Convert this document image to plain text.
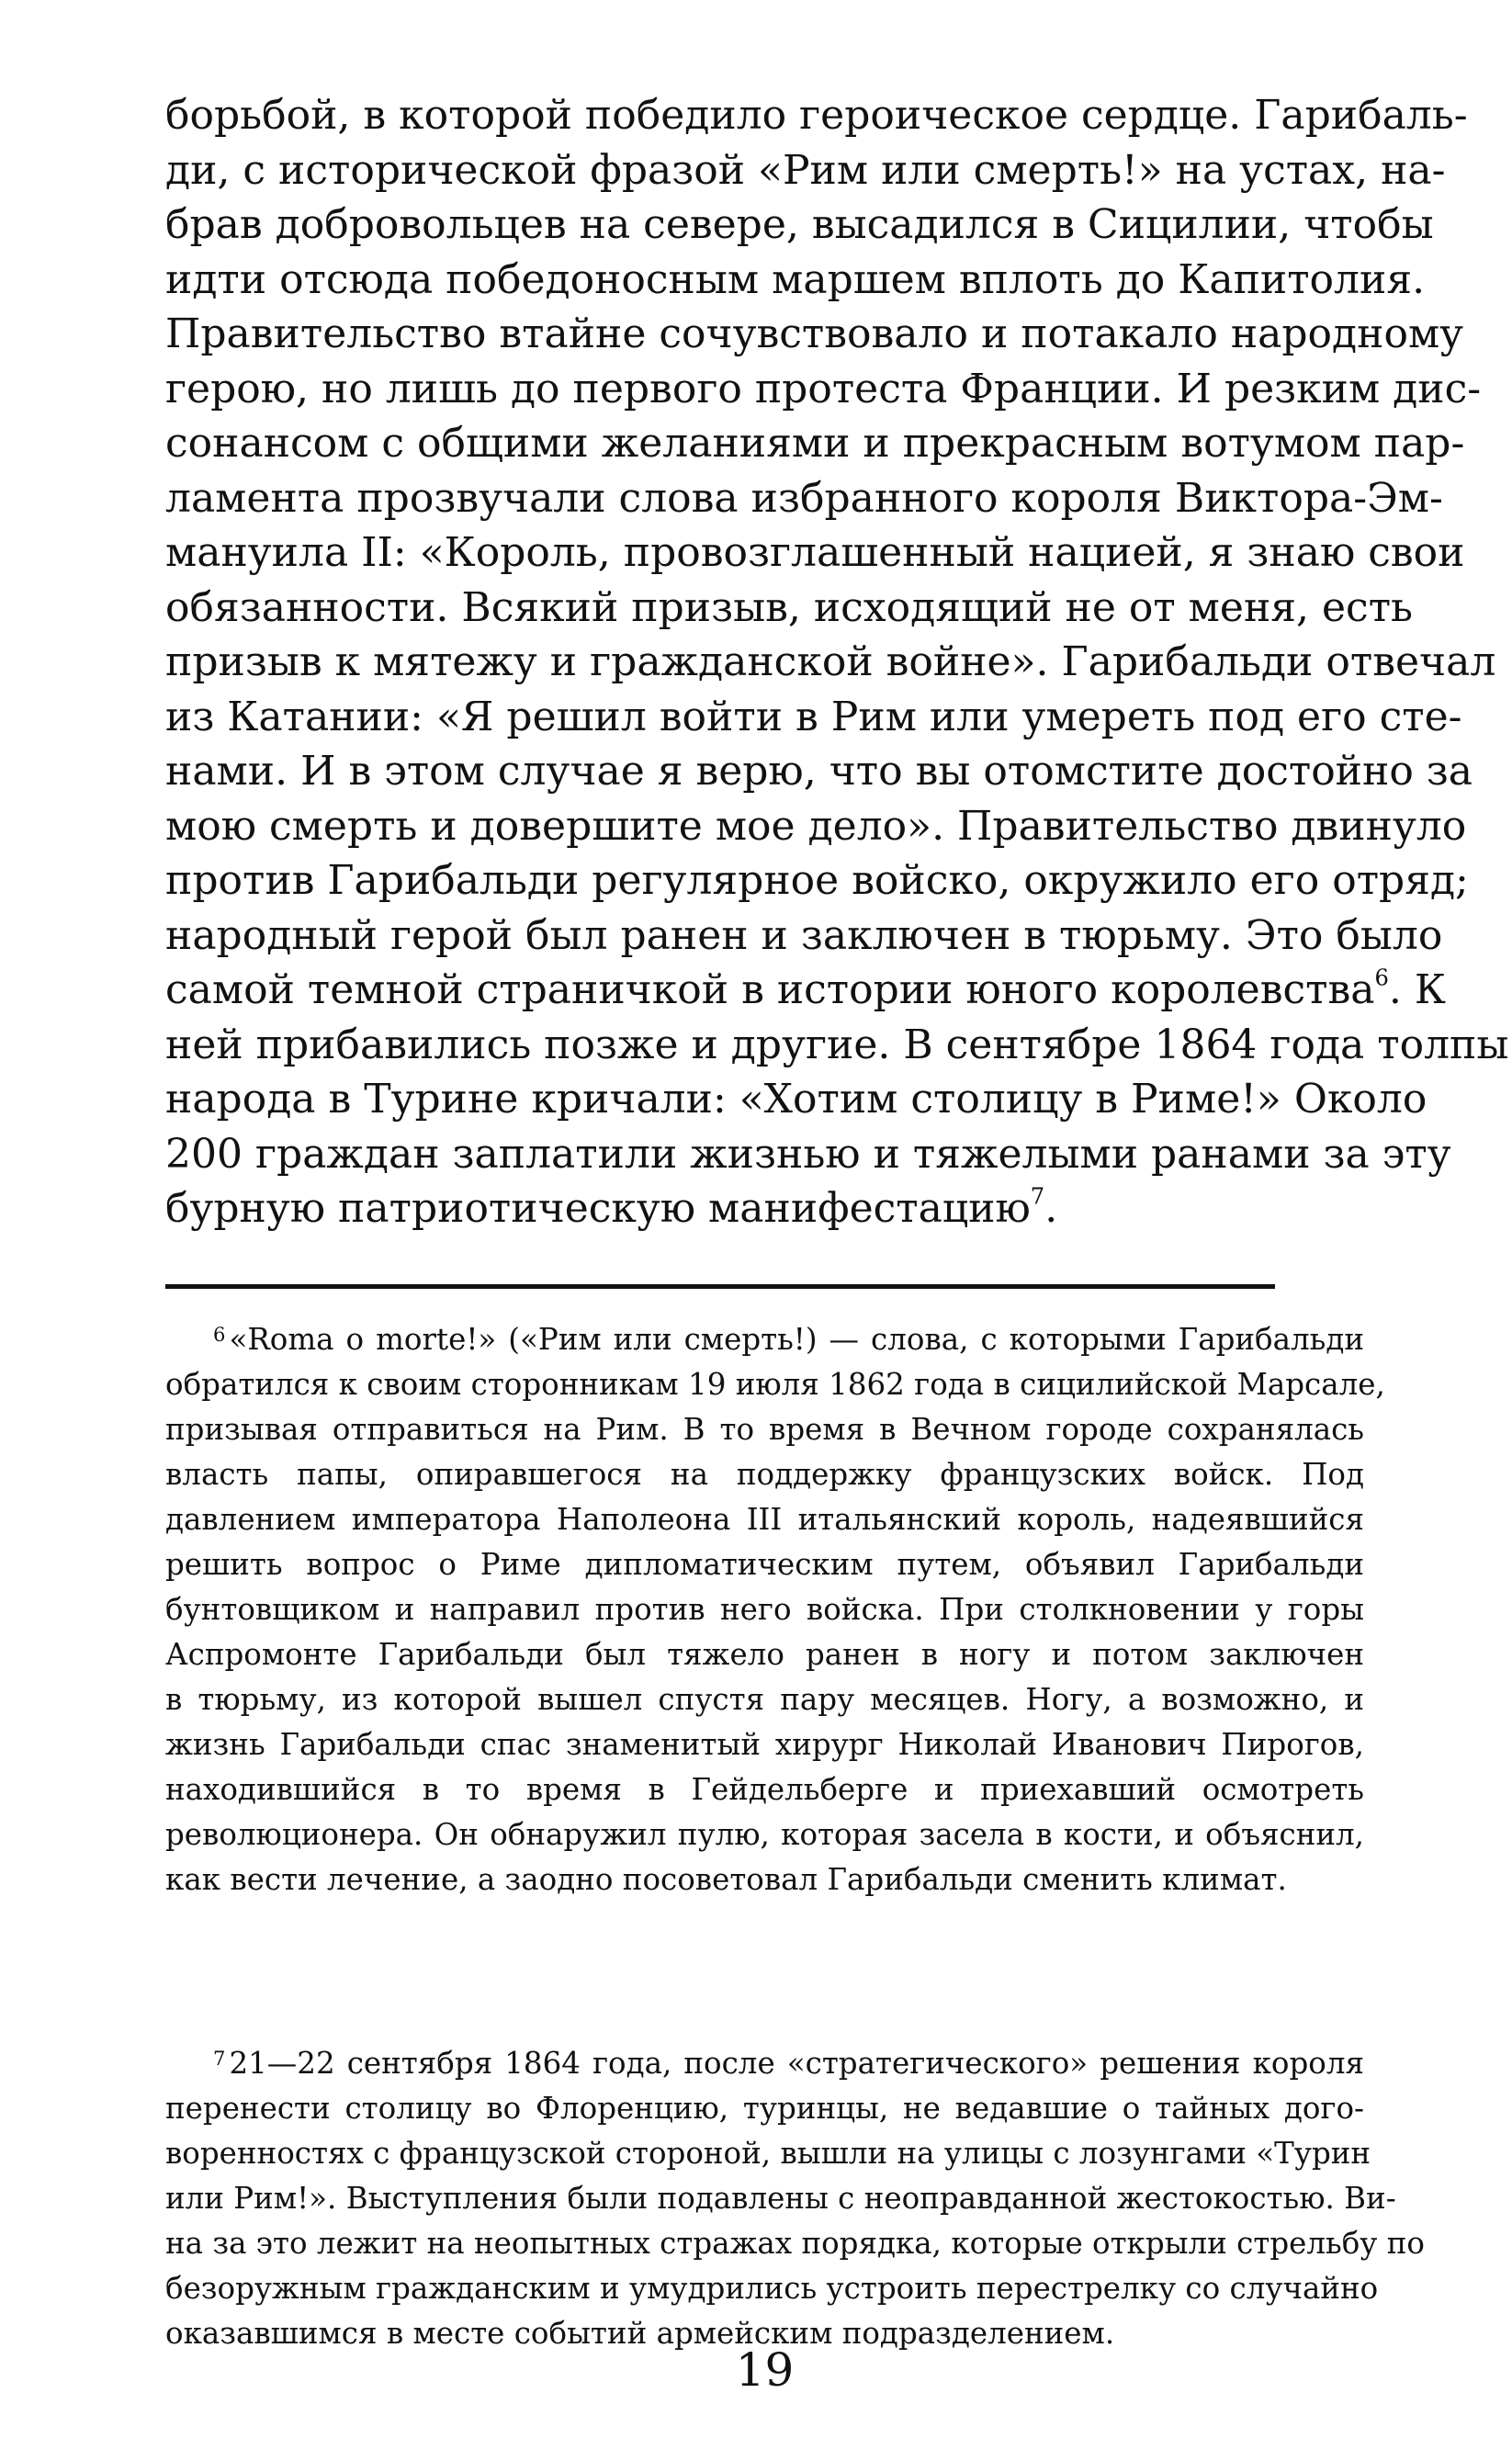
борьбой, в которой победило героическое сердце. Гарибаль-
ди, с исторической фразой «Рим или смерть!» на устах, на-
брав добровольцев на севере, высадился в Сицилии, чтобы
идти отсюда победоносным маршем вплоть до Капитолия.
Правительство втайне сочувствовало и потакало народному
герою, но лишь до первого протеста Франции. И резким дис-
сонансом с общими желаниями и прекрасным вотумом пар-
ламента прозвучали слова избранного короля Виктора-Эм-
мануила II: «Король, провозглашенный нацией, я знаю свои
обязанности. Всякий призыв, исходящий не от меня, есть
призыв к мятежу и гражданской войне». Гарибальди отвечал
из Катании: «Я решил войти в Рим или умереть под его сте-
нами. И в этом случае я верю, что вы отомстите достойно за
мою смерть и довершите мое дело». Правительство двинуло
против Гарибальди регулярное войско, окружило его отряд;
народный герой был ранен и заключен в тюрьму. Это было
самой темной страничкой в истории юного королевства$^6$. К
ней прибавились позже и другие. В сентябре 1864 года толпы
народа в Турине кричали: «Хотим столицу в Риме!» Около
200 граждан заплатили жизнью и тяжелыми ранами за эту
бурную патриотическую манифестацию$^7$.
$^6$ «Roma o morte!» («Рим или смерть!) — слова, с которыми Гарибальди
обратился к своим сторонникам 19 июля 1862 года в сицилийской Марсале,
призывая отправиться на Рим. В то время в Вечном городе сохранялась
власть папы, опиравшегося на поддержку французских войск. Под
давлением императора Наполеона III итальянский король, надеявшийся
решить вопрос о Риме дипломатическим путем, объявил Гарибальди
бунтовщиком и направил против него войска. При столкновении у горы
Аспромонте Гарибальди был тяжело ранен в ногу и потом заключен
в тюрьму, из которой вышел спустя пару месяцев. Ногу, а возможно, и
жизнь Гарибальди спас знаменитый хирург Николай Иванович Пирогов,
находившийся в то время в Гейдельберге и приехавший осмотреть
революционера. Он обнаружил пулю, которая засела в кости, и объяснил,
как вести лечение, а заодно посоветовал Гарибальди сменить климат.
$^7$ 21—22 сентября 1864 года, после «стратегического» решения короля
перенести столицу во Флоренцию, туринцы, не ведавшие о тайных дого-
воренностях с французской стороной, вышли на улицы с лозунгами «Турин
или Рим!». Выступления были подавлены с неоправданной жестокостью. Ви-
на за это лежит на неопытных стражах порядка, которые открыли стрельбу по
безоружным гражданским и умудрились устроить перестрелку со случайно
оказавшимся в месте событий армейским подразделением.
19
